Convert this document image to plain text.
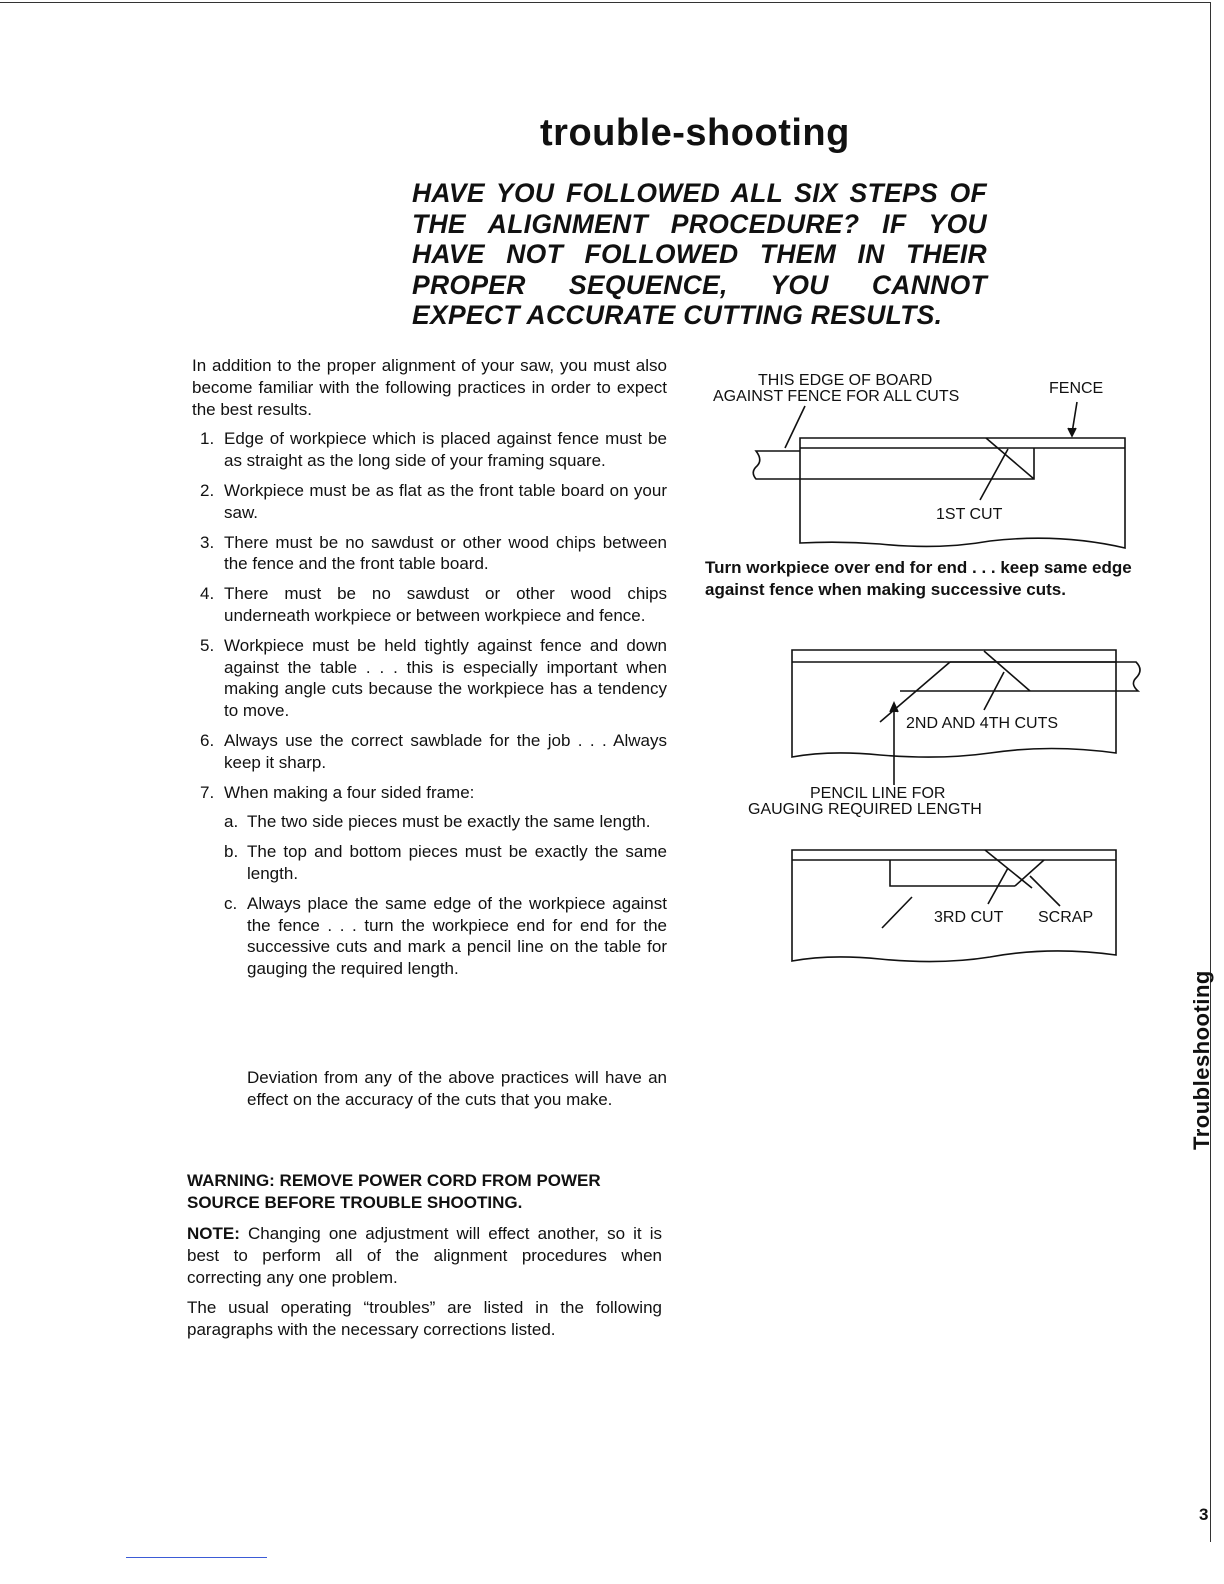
trouble-shooting
HAVE YOU FOLLOWED ALL SIX STEPS OF
THE ALIGNMENT PROCEDURE? IF YOU
HAVE NOT FOLLOWED THEM IN THEIR
PROPER SEQUENCE, YOU CANNOT
EXPECT ACCURATE CUTTING RESULTS.

In addition to the proper alignment of your saw, you must also become familiar with the following practices in order to expect the best results.

1. Edge of workpiece which is placed against fence must be as straight as the long side of your framing square.
2. Workpiece must be as flat as the front table board on your saw.
3. There must be no sawdust or other wood chips between the fence and the front table board.
4. There must be no sawdust or other wood chips underneath workpiece or between workpiece and fence.
5. Workpiece must be held tightly against fence and down against the table . . . this is especially important when making angle cuts because the workpiece has a tendency to move.
6. Always use the correct sawblade for the job . . . Always keep it sharp.
7. When making a four sided frame:
a. The two side pieces must be exactly the same length.
b. The top and bottom pieces must be exactly the same length.
c. Always place the same edge of the workpiece against the fence . . . turn the workpiece end for end for the successive cuts and mark a pencil line on the table for gauging the required length.

Deviation from any of the above practices will have an effect on the accuracy of the cuts that you make.

WARNING: REMOVE POWER CORD FROM POWER SOURCE BEFORE TROUBLE SHOOTING.

NOTE: Changing one adjustment will effect another, so it is best to perform all of the alignment procedures when correcting any one problem.

The usual operating “troubles” are listed in the following paragraphs with the necessary corrections listed.

THIS EDGE OF BOARD
AGAINST FENCE FOR ALL CUTS	FENCE
1ST CUT
2ND AND 4TH CUTS
PENCIL LINE FOR
GAUGING REQUIRED LENGTH
3RD CUT SCRAP

Turn workpiece over end for end . . . keep same edge against fence when making successive cuts.

Troubleshooting
3
